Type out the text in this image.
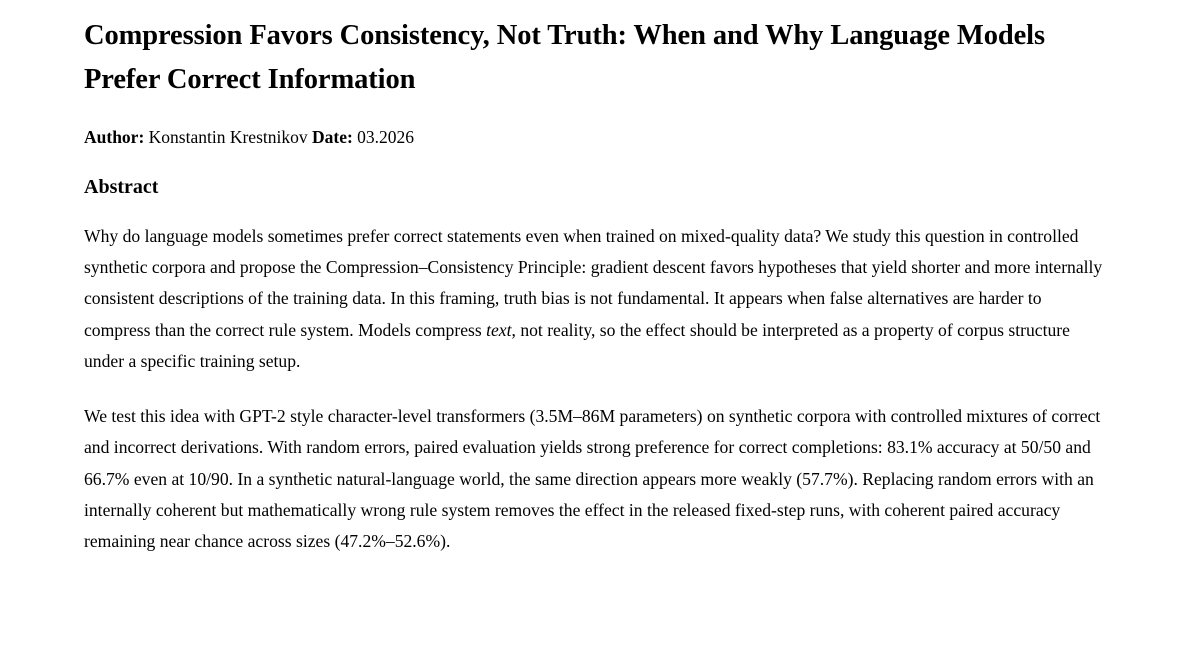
Compression Favors Consistency, Not Truth: When and Why Language Models Prefer Correct Information

Author: Konstantin Krestnikov Date: 03.2026

Abstract

Why do language models sometimes prefer correct statements even when trained on mixed-quality data? We study this question in controlled synthetic corpora and propose the Compression–Consistency Principle: gradient descent favors hypotheses that yield shorter and more internally consistent descriptions of the training data. In this framing, truth bias is not fundamental. It appears when false alternatives are harder to compress than the correct rule system. Models compress text, not reality, so the effect should be interpreted as a property of corpus structure under a specific training setup.

We test this idea with GPT-2 style character-level transformers (3.5M–86M parameters) on synthetic corpora with controlled mixtures of correct and incorrect derivations. With random errors, paired evaluation yields strong preference for correct completions: 83.1% accuracy at 50/50 and 66.7% even at 10/90. In a synthetic natural-language world, the same direction appears more weakly (57.7%). Replacing random errors with an internally coherent but mathematically wrong rule system removes the effect in the released fixed-step runs, with coherent paired accuracy remaining near chance across sizes (47.2%–52.6%).
